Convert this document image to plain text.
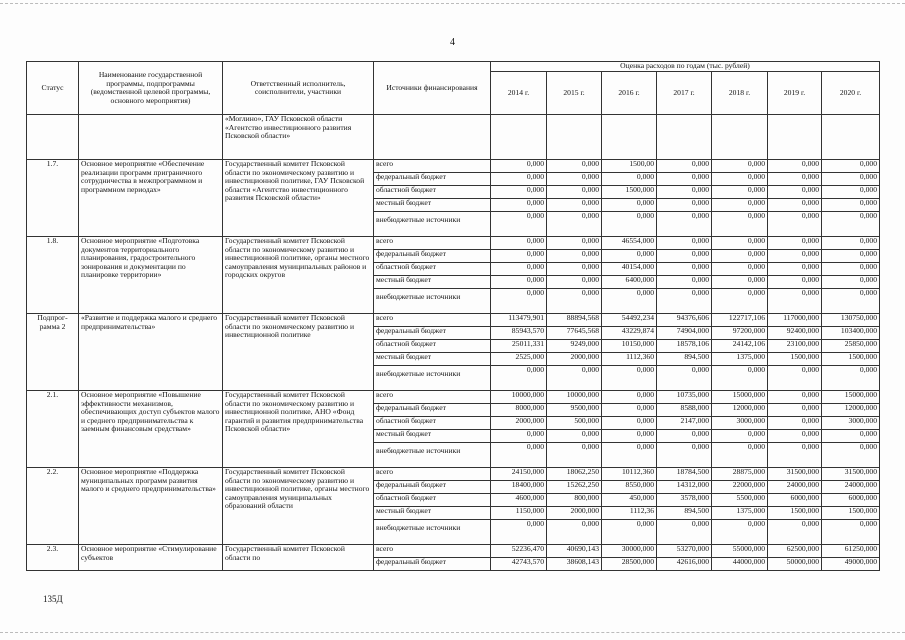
4
Статус	Наименование государственной программы, подпрограммы (ведомственной целевой программы, основного мероприятия)	Ответственный исполнитель, соисполнители, участники	Источники финансирования	Оценка расходов по годам (тыс. рублей)						
				2014 г.	2015 г.	2016 г.	2017 г.	2018 г.	2019 г.	2020 г.
		«Моглино», ГАУ Псковской области «Агентство инвестиционного развития Псковской области»								
1.7.	Основное мероприятие «Обеспечение реализации программ приграничного сотрудничества в межпрограммном и программном периодах»	Государственный комитет Псковской области по экономическому развитию и инвестиционной политике, ГАУ Псковской области «Агентство инвестиционного развития Псковской области»	всего	0,000	0,000	1500,00	0,000	0,000	0,000	0,000
			федеральный бюджет	0,000	0,000	0,000	0,000	0,000	0,000	0,000
			областной бюджет	0,000	0,000	1500,000	0,000	0,000	0,000	0,000
			местный бюджет	0,000	0,000	0,000	0,000	0,000	0,000	0,000
			внебюджетные источники	0,000	0,000	0,000	0,000	0,000	0,000	0,000
1.8.	Основное мероприятие «Подготовка документов территориального планирования, градостроительного зонирования и документации по планировке территории»	Государственный комитет Псковской области по экономическому развитию и инвестиционной политике, органы местного самоуправления муниципальных районов и городских округов	всего	0,000	0,000	46554,000	0,000	0,000	0,000	0,000
			федеральный бюджет	0,000	0,000	0,000	0,000	0,000	0,000	0,000
			областной бюджет	0,000	0,000	40154,000	0,000	0,000	0,000	0,000
			местный бюджет	0,000	0,000	6400,000	0,000	0,000	0,000	0,000
			внебюджетные источники	0,000	0,000	0,000	0,000	0,000	0,000	0,000
Подпрог-рамма 2	«Развитие и поддержка малого и среднего предпринимательства»	Государственный комитет Псковской области по экономическому развитию и инвестиционной политике	всего	113479,901	88894,568	54492,234	94376,606	122717,106	117000,000	130750,000
			федеральный бюджет	85943,570	77645,568	43229,874	74904,000	97200,000	92400,000	103400,000
			областной бюджет	25011,331	9249,000	10150,000	18578,106	24142,106	23100,000	25850,000
			местный бюджет	2525,000	2000,000	1112,360	894,500	1375,000	1500,000	1500,000
			внебюджетные источники	0,000	0,000	0,000	0,000	0,000	0,000	0,000
2.1.	Основное мероприятие «Повышение эффективности механизмов, обеспечивающих доступ субъектов малого и среднего предпринимательства к заемным финансовым средствам»	Государственный комитет Псковской области по экономическому развитию и инвестиционной политике, АНО «Фонд гарантий и развития предпринимательства Псковской области»	всего	10000,000	10000,000	0,000	10735,000	15000,000	0,000	15000,000
			федеральный бюджет	8000,000	9500,000	0,000	8588,000	12000,000	0,000	12000,000
			областной бюджет	2000,000	500,000	0,000	2147,000	3000,000	0,000	3000,000
			местный бюджет	0,000	0,000	0,000	0,000	0,000	0,000	0,000
			внебюджетные источники	0,000	0,000	0,000	0,000	0,000	0,000	0,000
2.2.	Основное мероприятие «Поддержка муниципальных программ развития малого и среднего предпринимательства»	Государственный комитет Псковской области по экономическому развитию и инвестиционной политике, органы местного самоуправления муниципальных образований области	всего	24150,000	18062,250	10112,360	18784,500	28875,000	31500,000	31500,000
			федеральный бюджет	18400,000	15262,250	8550,000	14312,000	22000,000	24000,000	24000,000
			областной бюджет	4600,000	800,000	450,000	3578,000	5500,000	6000,000	6000,000
			местный бюджет	1150,000	2000,000	1112,36	894,500	1375,000	1500,000	1500,000
			внебюджетные источники	0,000	0,000	0,000	0,000	0,000	0,000	0,000
2.3.	Основное мероприятие «Стимулирование субъектов	Государственный комитет Псковской области по	всего	52236,470	40690,143	30000,000	53270,000	55000,000	62500,000	61250,000
			федеральный бюджет	42743,570	38608,143	28500,000	42616,000	44000,000	50000,000	49000,000
135Д
